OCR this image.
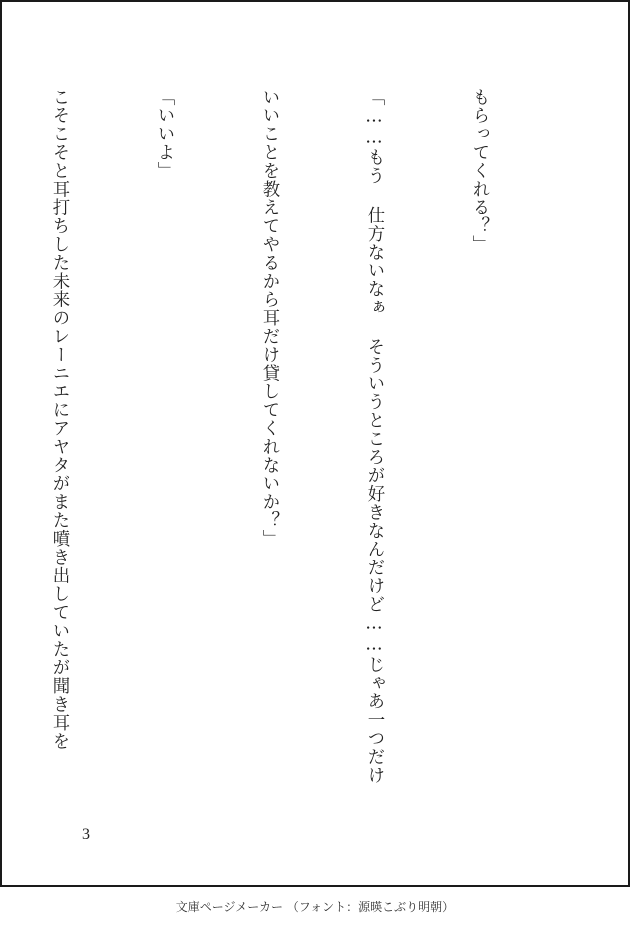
もらってくれる？」

「……もう 仕方ないなぁ そういうところが好きなんだけど……じゃあ一つだけ

いいことを教えてやるから耳だけ貸してくれないか？」

「いいよ」

こそこそと耳打ちした未来のレーニエにアヤタがまた噴き出していたが聞き耳を

3
文庫ページメーカー （フォント：源暎こぶり明朝）
